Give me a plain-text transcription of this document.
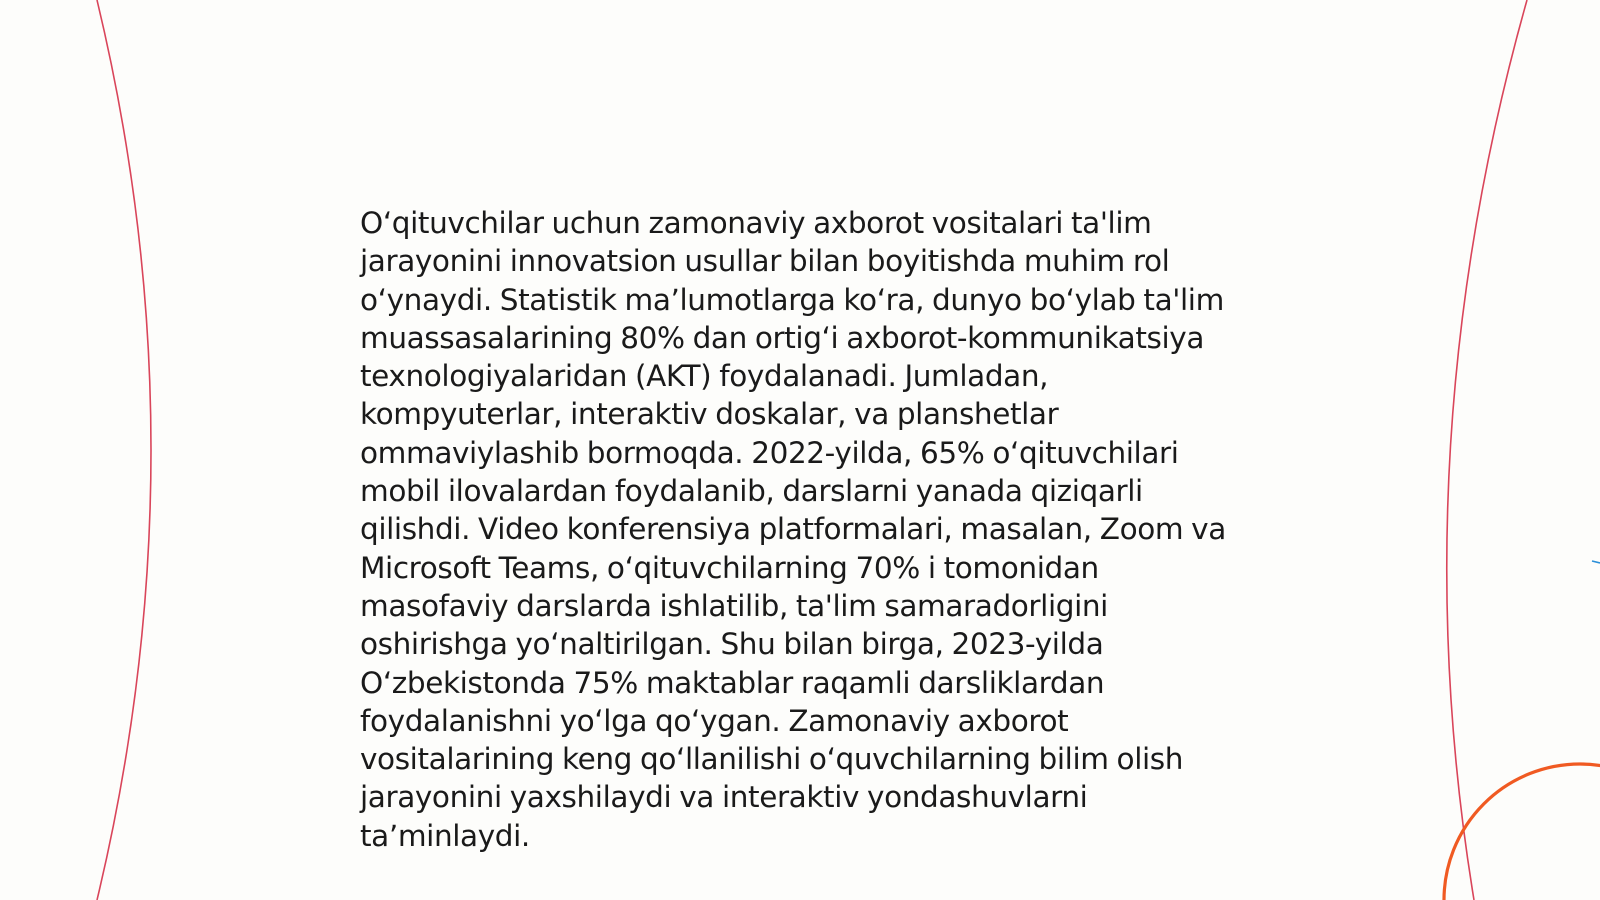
O‘qituvchilar uchun zamonaviy axborot vositalari ta'lim jarayonini innovatsion usullar bilan boyitishda muhim rol o‘ynaydi. Statistik ma’lumotlarga ko‘ra, dunyo bo‘ylab ta'lim muassasalarining 80% dan ortig‘i axborot-kommunikatsiya texnologiyalaridan (AKT) foydalanadi. Jumladan, kompyuterlar, interaktiv doskalar, va planshetlar ommaviylashib bormoqda. 2022-yilda, 65% o‘qituvchilari mobil ilovalardan foydalanib, darslarni yanada qiziqarli qilishdi. Video konferensiya platformalari, masalan, Zoom va Microsoft Teams, o‘qituvchilarning 70% i tomonidan masofaviy darslarda ishlatilib, ta'lim samaradorligini oshirishga yo‘naltirilgan. Shu bilan birga, 2023-yilda O‘zbekistonda 75% maktablar raqamli darsliklardan foydalanishni yo‘lga qo‘ygan. Zamonaviy axborot vositalarining keng qo‘llanilishi o‘quvchilarning bilim olish jarayonini yaxshilaydi va interaktiv yondashuvlarni ta’minlaydi.
